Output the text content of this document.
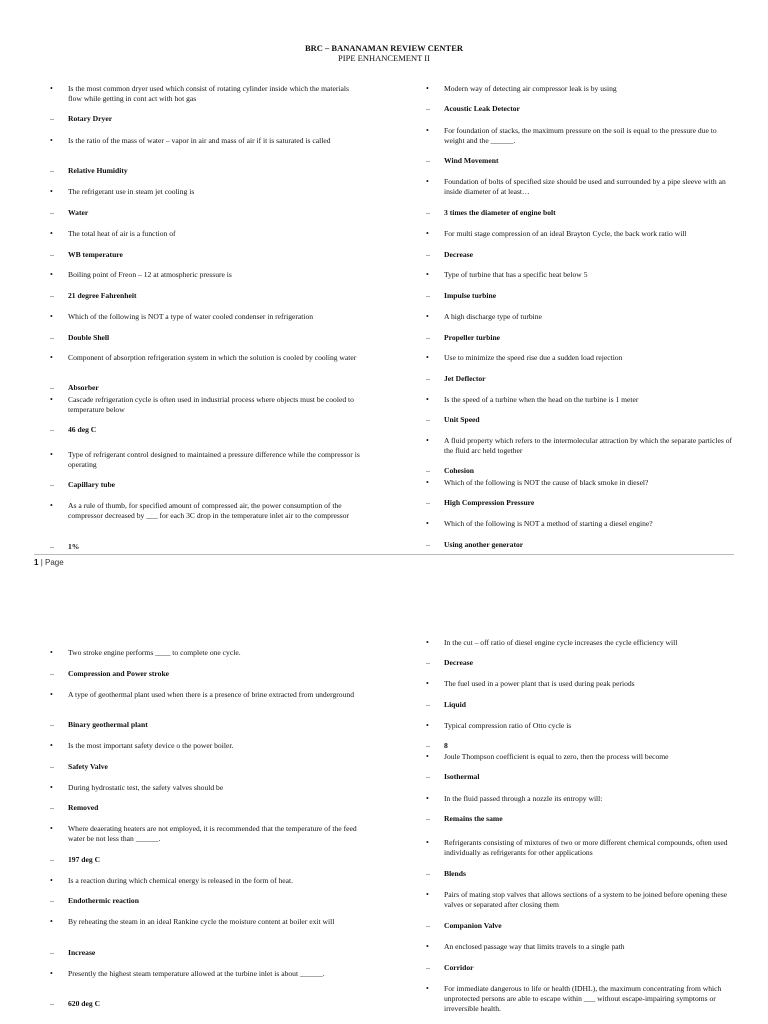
BRC – BANANAMAN REVIEW CENTER
PIPE ENHANCEMENT II
• Is the most common dryer used which consist of rotating cylinder inside which the materials flow while getting in cont act with hot gas
– Rotary Dryer
• Is the ratio of the mass of water – vapor in air and mass of air if it is saturated is called
– Relative Humidity
• The refrigerant use in steam jet cooling is
– Water
• The total heat of air is a function of
– WB temperature
• Boiling point of Freon – 12 at atmospheric pressure is
– 21 degree Fahrenheit
• Which of the following is NOT a type of water cooled condenser in refrigeration
– Double Shell
• Component of absorption refrigeration system in which the solution is cooled by cooling water
– Absorber
• Cascade refrigeration cycle is often used in industrial process where objects must be cooled to temperature below
– 46 deg C
• Type of refrigerant control designed to maintained a pressure difference while the compressor is operating
– Capillary tube
• As a rule of thumb, for specified amount of compressed air, the power consumption of the compressor decreased by ___ for each 3C drop in the temperature inlet air to the compressor
– 1%
• Modern way of detecting air compressor leak is by using
– Acoustic Leak Detector
• For foundation of stacks, the maximum pressure on the soil is equal to the pressure due to weight and the ______.
– Wind Movement
• Foundation of bolts of specified size should be used and surrounded by a pipe sleeve with an inside diameter of at least…
– 3 times the diameter of engine bolt
• For multi stage compression of an ideal Brayton Cycle, the back work ratio will
– Decrease
• Type of turbine that has a specific heat below 5
– Impulse turbine
• A high discharge type of turbine
– Propeller turbine
• Use to minimize the speed rise due a sudden load rejection
– Jet Deflector
• Is the speed of a turbine when the head on the turbine is 1 meter
– Unit Speed
• A fluid property which refers to the intermolecular attraction by which the separate particles of the fluid arc held together
– Cohesion
• Which of the following is NOT the cause of black smoke in diesel?
– High Compression Pressure
• Which of the following is NOT a method of starting a diesel engine?
– Using another generator
1 | Page
• Two stroke engine performs ____ to complete one cycle.
– Compression and Power stroke
• A type of geothermal plant used when there is a presence of brine extracted from underground
– Binary geothermal plant
• Is the most important safety device o the power boiler.
– Safety Valve
• During hydrostatic test, the safety valves should be
– Removed
• Where deaerating heaters are not employed, it is recommended that the temperature of the feed water be not less than ______.
– 197 deg C
• Is a reaction during which chemical energy is released in the form of heat.
– Endothermic reaction
• By reheating the steam in an ideal Rankine cycle the moisture content at boiler exit will
– Increase
• Presently the highest steam temperature allowed at the turbine inlet is about ______.
– 620 deg C
• In the cut – off ratio of diesel engine cycle increases the cycle efficiency will
– Decrease
• The fuel used in a power plant that is used during peak periods
– Liquid
• Typical compression ratio of Otto cycle is
– 8
• Joule Thompson coefficient is equal to zero, then the process will become
– Isothermal
• In the fluid passed through a nozzle its entropy will:
– Remains the same
• Refrigerants consisting of mixtures of two or more different chemical compounds, often used individually as refrigerants for other applications
– Blends
• Pairs of mating stop valves that allows sections of a system to be joined before opening these valves or separated after closing them
– Companion Valve
• An enclosed passage way that limits travels to a single path
– Corridor
• For immediate dangerous to life or health (IDHL), the maximum concentrating from which unprotected persons are able to escape within ___ without escape-impairing symptoms or irreversible health.
